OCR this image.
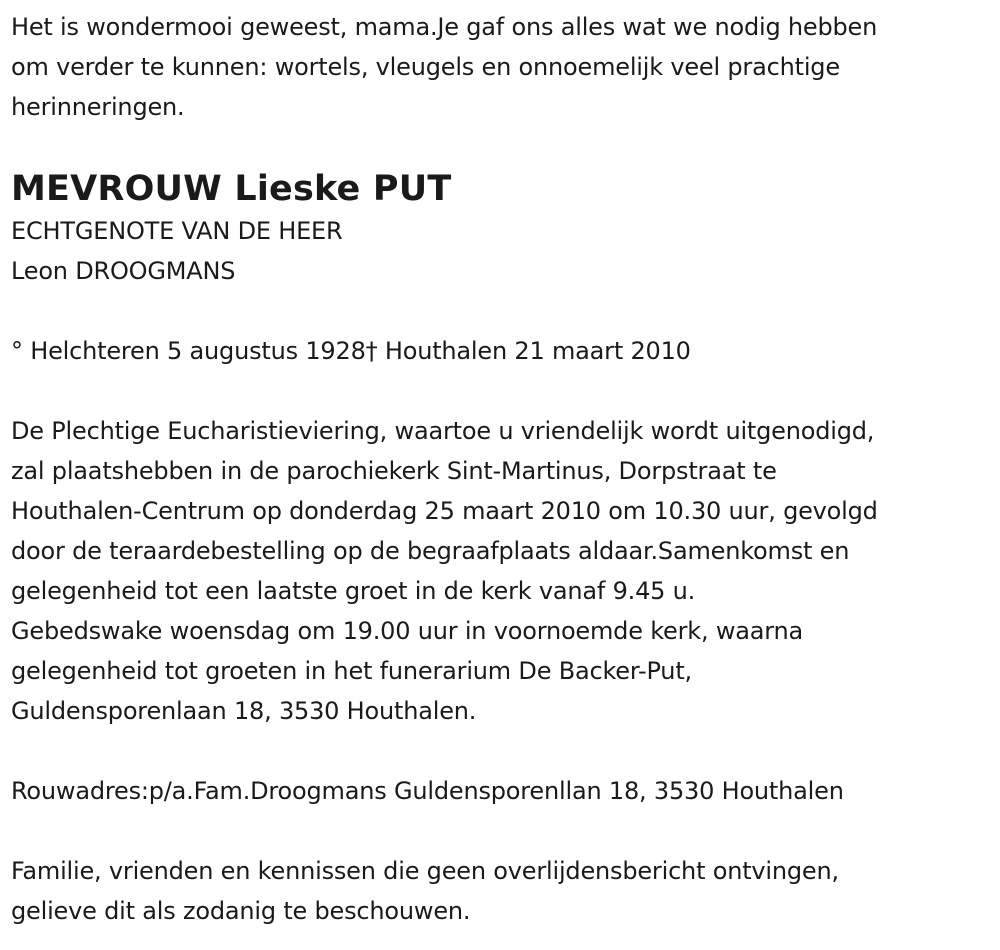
Het is wondermooi geweest, mama.Je gaf ons alles wat we nodig hebben

om verder te kunnen: wortels, vleugels en onnoemelijk veel prachtige

herinneringen.

MEVROUW Lieske PUT

ECHTGENOTE VAN DE HEER

Leon DROOGMANS

° Helchteren 5 augustus 1928† Houthalen 21 maart 2010

De Plechtige Eucharistieviering, waartoe u vriendelijk wordt uitgenodigd,

zal plaatshebben in de parochiekerk Sint-Martinus, Dorpstraat te

Houthalen-Centrum op donderdag 25 maart 2010 om 10.30 uur, gevolgd

door de teraardebestelling op de begraafplaats aldaar.Samenkomst en

gelegenheid tot een laatste groet in de kerk vanaf 9.45 u.

Gebedswake woensdag om 19.00 uur in voornoemde kerk, waarna

gelegenheid tot groeten in het funerarium De Backer-Put,

Guldensporenlaan 18, 3530 Houthalen.

Rouwadres:p/a.Fam.Droogmans Guldensporenllan 18, 3530 Houthalen

Familie, vrienden en kennissen die geen overlijdensbericht ontvingen,

gelieve dit als zodanig te beschouwen.
